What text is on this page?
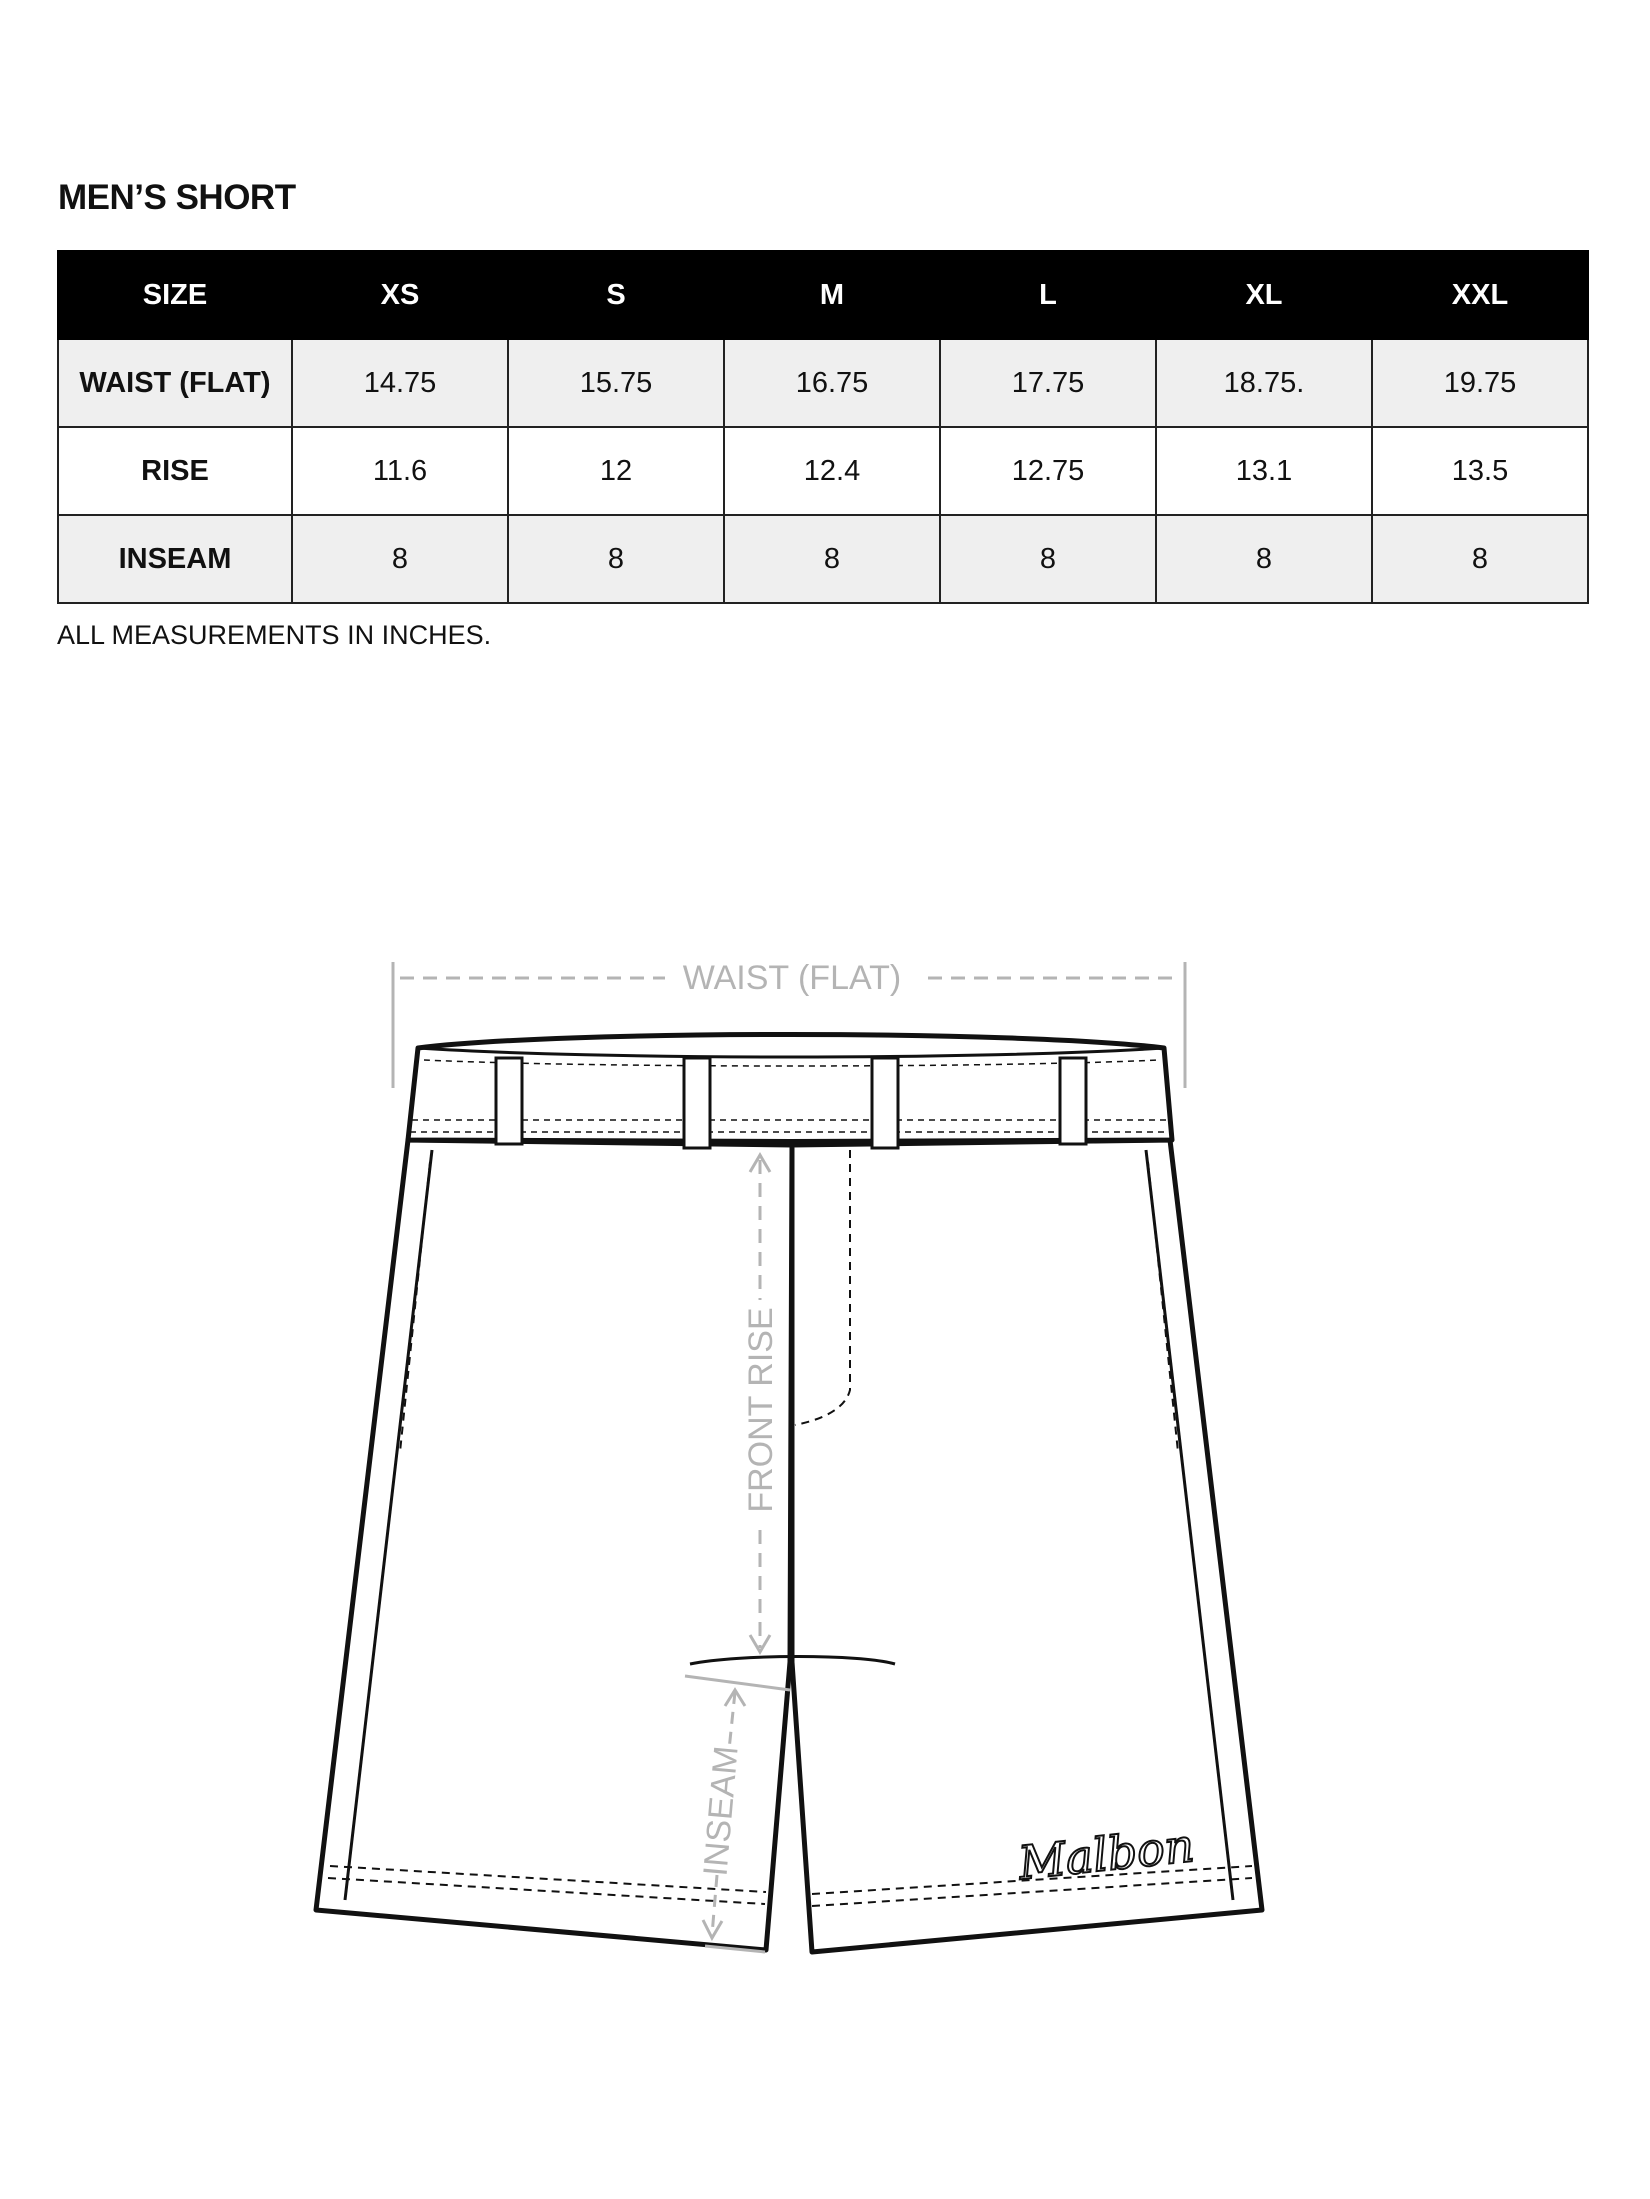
MEN’S SHORT
SIZE	XS	S	M	L	XL	XXL
WAIST (FLAT)	14.75	15.75	16.75	17.75	18.75.	19.75
RISE	11.6	12	12.4	12.75	13.1	13.5
INSEAM	8	8	8	8	8	8

ALL MEASUREMENTS IN INCHES.

WAIST (FLAT)
FRONT RISE
INSEAM	Malbon
